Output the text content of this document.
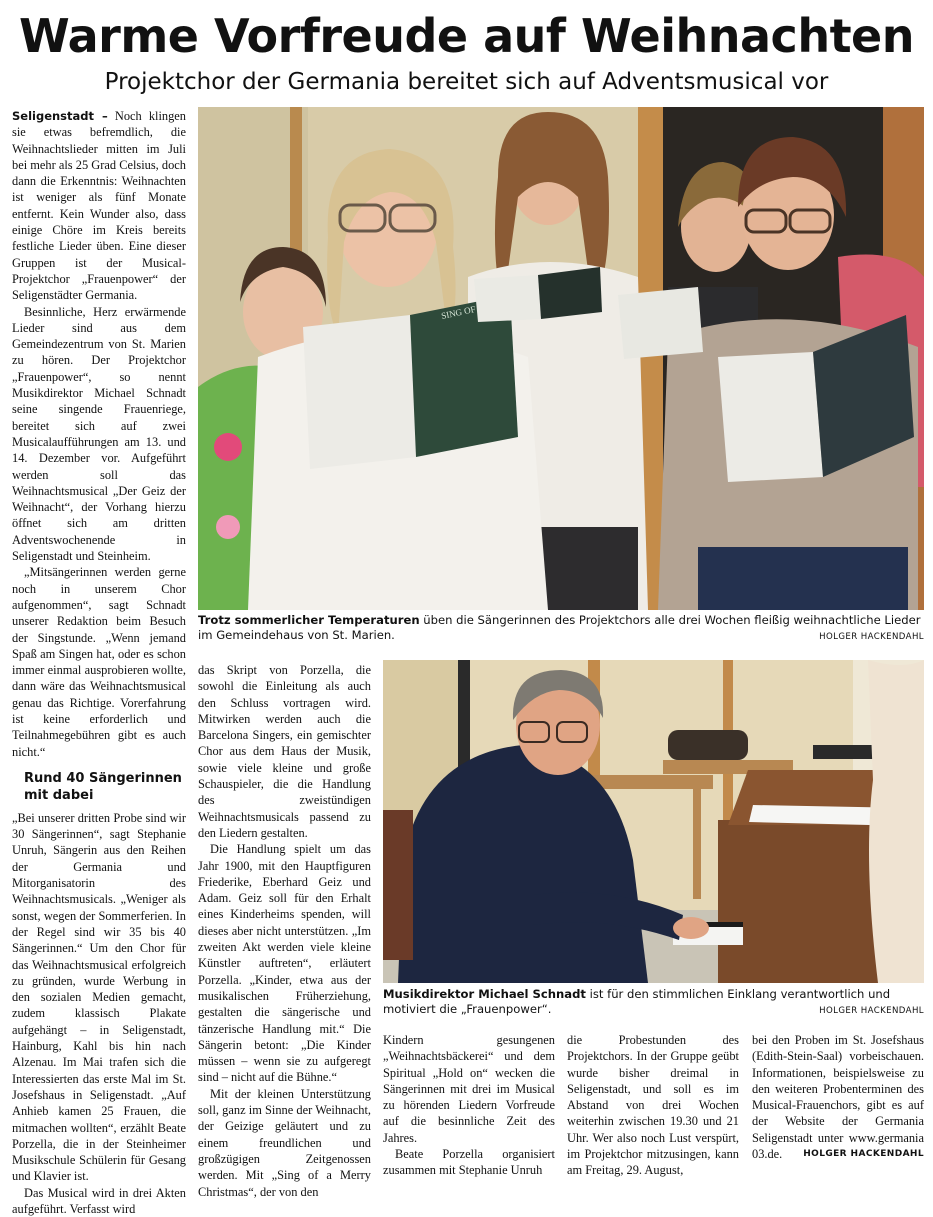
Warme Vorfreude auf Weihnachten
Projektchor der Germania bereitet sich auf Adventsmusical vor

Seligenstadt – Noch klingen sie etwas befremdlich, die Weihnachtslieder mitten im Juli bei mehr als 25 Grad Celsius, doch dann die Erkenntnis: Weihnachten ist weniger als fünf Monate entfernt. Kein Wunder also, dass einige Chöre im Kreis bereits festliche Lieder üben. Eine dieser Gruppen ist der Musical-Projektchor „Frauenpower“ der Seligenstädter Germania.

Besinnliche, Herz erwärmende Lieder sind aus dem Gemeindezentrum von St. Marien zu hören. Der Projektchor „Frauenpower“, so nennt Musikdirektor Michael Schnadt seine singende Frauenriege, bereitet sich auf zwei Musicalaufführungen am 13. und 14. Dezember vor. Aufgeführt werden soll das Weihnachtsmusical „Der Geiz der Weihnacht“, der Vorhang hierzu öffnet sich am dritten Adventswochenende in Seligenstadt und Steinheim.

„Mitsängerinnen werden gerne noch in unserem Chor aufgenommen“, sagt Schnadt unserer Redaktion beim Besuch der Singstunde. „Wenn jemand Spaß am Singen hat, oder es schon immer einmal ausprobieren wollte, dann wäre das Weihnachtsmusical genau das Richtige. Vorerfahrung ist keine erforderlich und Teilnahmegebühren gibt es auch nicht.“

Rund 40 Sängerinnen mit dabei

„Bei unserer dritten Probe sind wir 30 Sängerinnen“, sagt Stephanie Unruh, Sängerin aus den Reihen der Germania und Mitorganisatorin des Weihnachtsmusicals. „Weniger als sonst, wegen der Sommerferien. In der Regel sind wir 35 bis 40 Sängerinnen.“ Um den Chor für das Weihnachtsmusical erfolgreich zu gründen, wurde Werbung in den sozialen Medien gemacht, zudem klassisch Plakate aufgehängt – in Seligenstadt, Hainburg, Kahl bis hin nach Alzenau. Im Mai trafen sich die Interessierten das erste Mal im St. Josefshaus in Seligenstadt. „Auf Anhieb kamen 25 Frauen, die mitmachen wollten“, erzählt Beate Porzella, die in der Steinheimer Musikschule Schülerin für Gesang und Klavier ist.

Das Musical wird in drei Akten aufgeführt. Verfasst wird

SING OF
Trotz sommerlicher Temperaturen üben die Sängerinnen des Projektchors alle drei Wochen fleißig weihnachtliche Lieder im Gemeindehaus von St. Marien.	HOLGER HACKENDAHL

das Skript von Porzella, die sowohl die Einleitung als auch den Schluss vortragen wird. Mitwirken werden auch die Barcelona Singers, ein gemischter Chor aus dem Haus der Musik, sowie viele kleine und große Schauspieler, die die Handlung des zweistündigen Weihnachtsmusicals passend zu den Liedern gestalten.

Die Handlung spielt um das Jahr 1900, mit den Hauptfiguren Friederike, Eberhard Geiz und Adam. Geiz soll für den Erhalt eines Kinderheims spenden, will dieses aber nicht unterstützen. „Im zweiten Akt werden viele kleine Künstler auftreten“, erläutert Porzella. „Kinder, etwa aus der musikalischen Früherziehung, gestalten die sängerische und tänzerische Handlung mit.“ Die Sängerin betont: „Die Kinder müssen – wenn sie zu aufgeregt sind – nicht auf die Bühne.“

Mit der kleinen Unterstützung soll, ganz im Sinne der Weihnacht, der Geizige geläutert und zu einem freundlichen und großzügigen Zeitgenossen werden. Mit „Sing of a Merry Christmas“, der von den

Musikdirektor Michael Schnadt ist für den stimmlichen Einklang verantwortlich und motiviert die „Frauenpower“.	HOLGER HACKENDAHL

Kindern gesungenen „Weihnachtsbäckerei“ und dem Spiritual „Hold on“ wecken die Sängerinnen mit drei im Musical zu hörenden Liedern Vorfreude auf die besinnliche Zeit des Jahres.

Beate Porzella organisiert zusammen mit Stephanie Unruh

die Probestunden des Projektchors. In der Gruppe geübt wurde bisher dreimal in Seligenstadt, und soll es im Abstand von drei Wochen weiterhin zwischen 19.30 und 21 Uhr. Wer also noch Lust verspürt, im Projektchor mitzusingen, kann am Freitag, 29. August,

bei den Proben im St. Josefshaus (Edith-Stein-Saal) vorbeischauen. Informationen, beispielsweise zu den weiteren Probenterminen des Musical-Frauenchors, gibt es auf der Website der Germania Seligenstadt unter www.germania 03.de. HOLGER HACKENDAHL
